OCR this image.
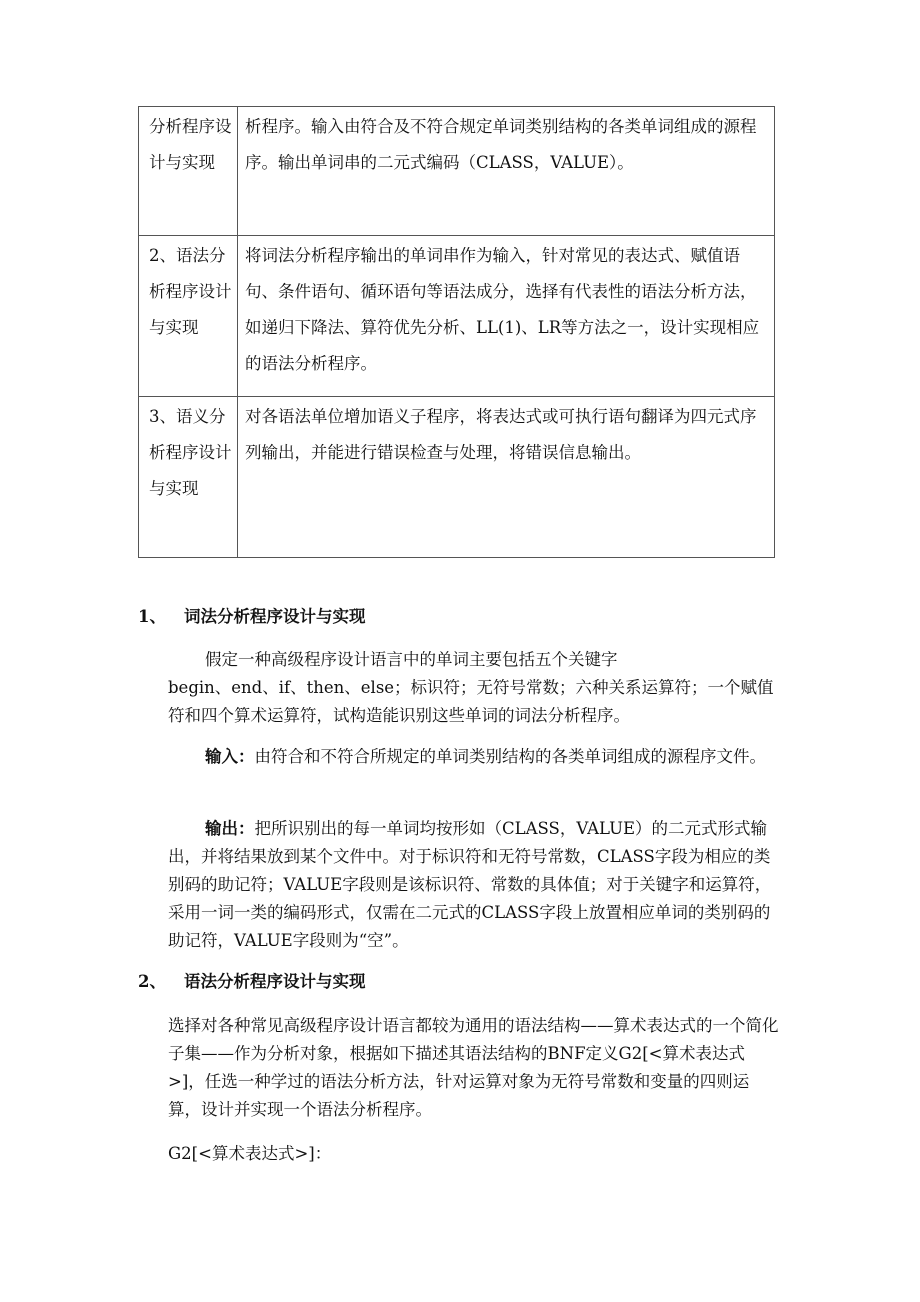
分析程序设计与实现	析程序。输入由符合及不符合规定单词类别结构的各类单词组成的源程序。输出单词串的二元式编码（CLASS，VALUE）。

2、语法分析程序设计与实现	将词法分析程序输出的单词串作为输入，针对常见的表达式、赋值语句、条件语句、循环语句等语法成分，选择有代表性的语法分析方法，如递归下降法、算符优先分析、LL(1)、LR等方法之一，设计实现相应的语法分析程序。

3、语义分析程序设计与实现	对各语法单位增加语义子程序，将表达式或可执行语句翻译为四元式序列输出，并能进行错误检查与处理，将错误信息输出。
1、 词法分析程序设计与实现
假定一种高级程序设计语言中的单词主要包括五个关键字
begin、end、if、then、else；标识符；无符号常数；六种关系运算符；一个赋值符和四个算术运算符，试构造能识别这些单词的词法分析程序。
输入：由符合和不符合所规定的单词类别结构的各类单词组成的源程序文件。
输出：把所识别出的每一单词均按形如（CLASS，VALUE）的二元式形式输出，并将结果放到某个文件中。对于标识符和无符号常数，CLASS字段为相应的类别码的助记符；VALUE字段则是该标识符、常数的具体值；对于关键字和运算符，采用一词一类的编码形式，仅需在二元式的CLASS字段上放置相应单词的类别码的助记符，VALUE字段则为“空”。
2、 语法分析程序设计与实现
选择对各种常见高级程序设计语言都较为通用的语法结构——算术表达式的一个简化子集——作为分析对象，根据如下描述其语法结构的BNF定义G2[<算术表达式>]，任选一种学过的语法分析方法，针对运算对象为无符号常数和变量的四则运算，设计并实现一个语法分析程序。
G2[<算术表达式>]：
